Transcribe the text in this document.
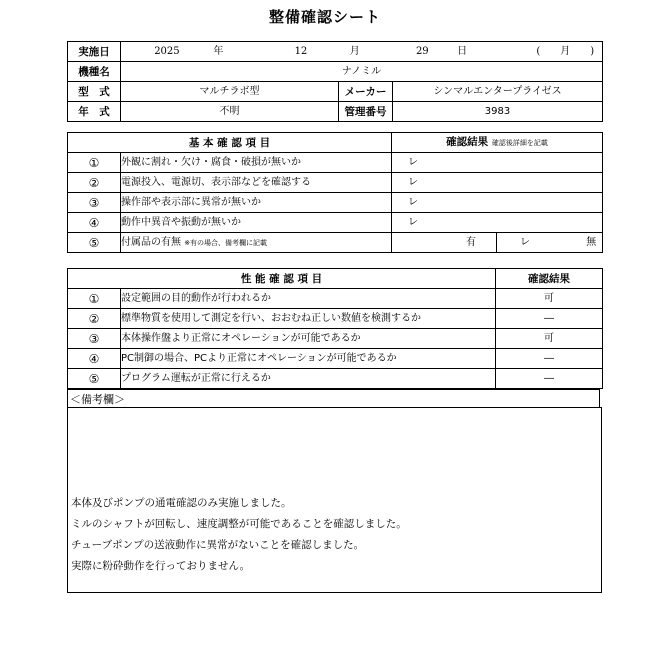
整備確認シート
実施日	2025 年 12 月 29 日 (　　月　　)		
機種名	ナノミル		
型　式	マルチラボ型	メーカー	シンマルエンタープライゼス
年　式	不明	管理番号	3983
基 本 確 認 項 目		確認結果 確認後詳細を記載	
①	外観に割れ・欠け・腐食・破損が無いか	レ	
②	電源投入、電源切、表示部などを確認する	レ	
③	操作部や表示部に異常が無いか	レ	
④	動作中異音や振動が無いか	レ	
⑤	付属品の有無 ※有の場合、備考欄に記載	有	レ 無
性 能 確 認 項 目		確認結果
①	設定範囲の目的動作が行われるか	可
②	標準物質を使用して測定を行い、おおむね正しい数値を検測するか	―
③	本体操作盤より正常にオペレーションが可能であるか	可
④	PC制御の場合、PCより正常にオペレーションが可能であるか	―
⑤	プログラム運転が正常に行えるか	―
＜備考欄＞
本体及びポンプの通電確認のみ実施しました。
ミルのシャフトが回転し、速度調整が可能であることを確認しました。
チューブポンプの送液動作に異常がないことを確認しました。
実際に粉砕動作を行っておりません。
